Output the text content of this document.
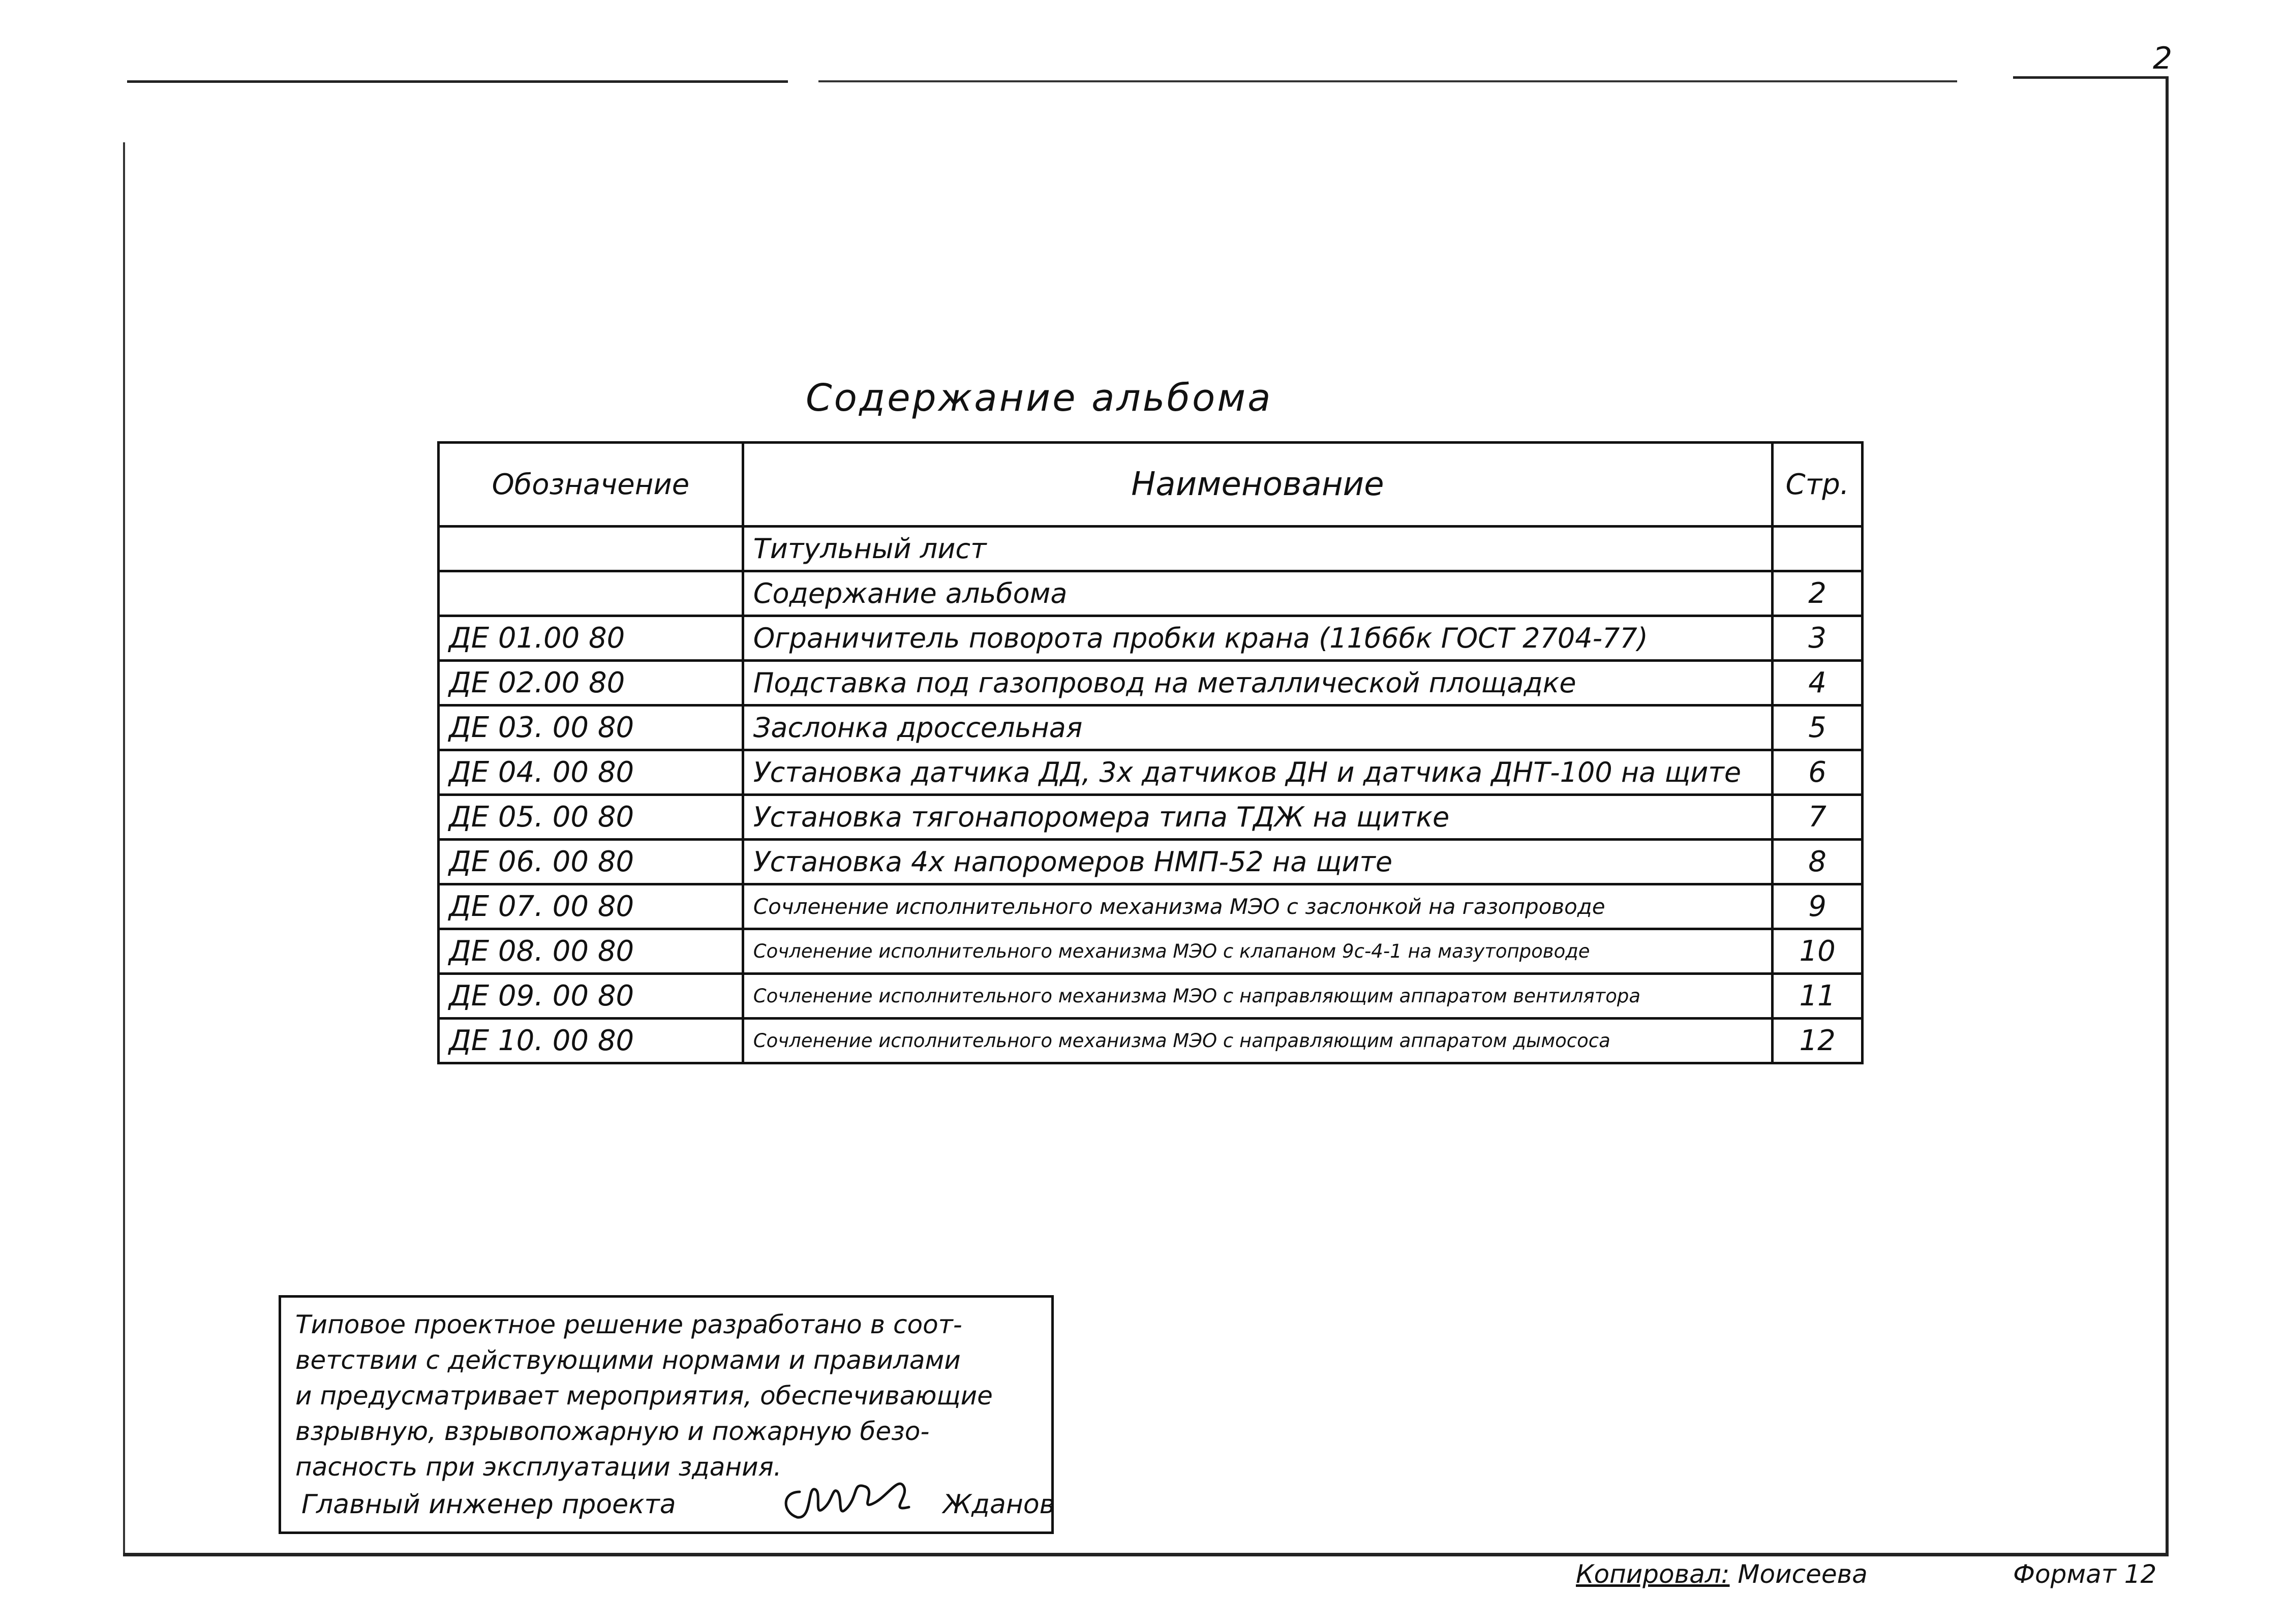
2
Содержание альбома
Обозначение	Наименование	Стр.
	Титульный лист	
	Содержание альбома	2
ДЕ 01.00 80	Ограничитель поворота пробки крана (11б6бк ГОСТ 2704-77)	3
ДЕ 02.00 80	Подставка под газопровод на металлической площадке	4
ДЕ 03. 00 80	Заслонка дроссельная	5
ДЕ 04. 00 80	Установка датчика ДД, 3х датчиков ДН и датчика ДНТ-100 на щите	6
ДЕ 05. 00 80	Установка тягонапоромера типа ТДЖ на щитке	7
ДЕ 06. 00 80	Установка 4х напоромеров НМП-52 на щите	8
ДЕ 07. 00 80	Сочленение исполнительного механизма МЭО с заслонкой на газопроводе	9
ДЕ 08. 00 80	Сочленение исполнительного механизма МЭО с клапаном 9с-4-1 на мазутопроводе	10
ДЕ 09. 00 80	Сочленение исполнительного механизма МЭО с направляющим аппаратом вентилятора	11
ДЕ 10. 00 80	Сочленение исполнительного механизма МЭО с направляющим аппаратом дымососа	12
Типовое проектное решение разработано в соот-
ветствии с действующими нормами и правилами
и предусматривает мероприятия, обеспечивающие
взрывную, взрывопожарную и пожарную безо-
пасность при эксплуатации здания.
Главный инженер проекта	Жданов
Копировал: Моисеева	Формат 12
